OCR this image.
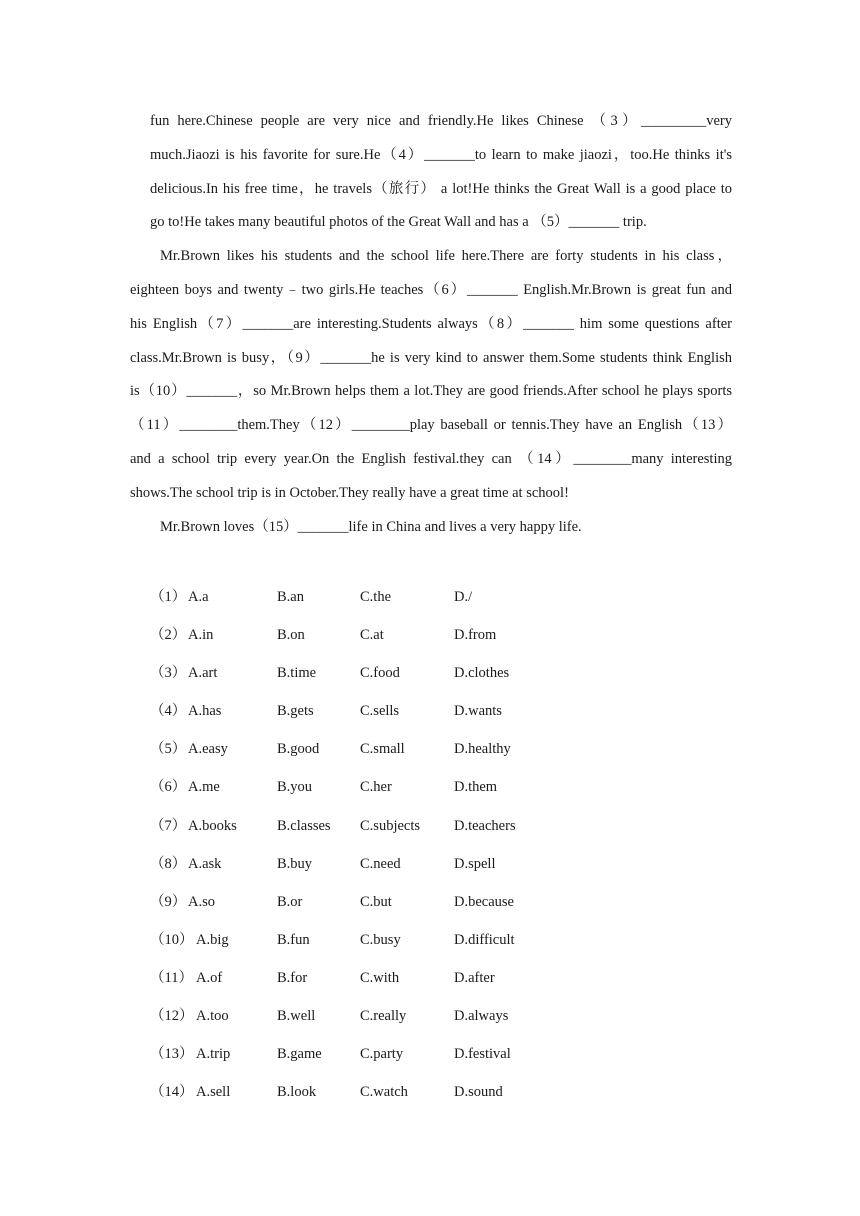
fun here.Chinese people are very nice and friendly.He likes Chinese （3）_________very
much.Jiaozi is his favorite for sure.He（4）_______to learn to make jiaozi，too.He thinks it's
delicious.In his free time，he travels（旅行） a lot!He thinks the Great Wall is a good place to
go to!He takes many beautiful photos of the Great Wall and has a （5）_______ trip.
Mr.Brown likes his students and the school life here.There are forty students in his class，
eighteen boys and twenty﹣two girls.He teaches（6）_______ English.Mr.Brown is great fun and
his English（7）_______are interesting.Students always（8）_______ him some questions after
class.Mr.Brown is busy，（9）_______he is very kind to answer them.Some students think English
is（10）_______，so Mr.Brown helps them a lot.They are good friends.After school he plays sports
（11）________them.They（12）________play baseball or tennis.They have an English（13）
and a school trip every year.On the English festival.they can （14）________many interesting
shows.The school trip is in October.They really have a great time at school!
Mr.Brown loves（15）_______life in China and lives a very happy life.
（1） A.a	B.an	C.the	D./
（2） A.in	B.on	C.at	D.from
（3） A.art	B.time	C.food	D.clothes
（4） A.has	B.gets	C.sells	D.wants
（5） A.easy	B.good	C.small	D.healthy
（6） A.me	B.you	C.her	D.them
（7） A.books	B.classes C.subjects D.teachers
（8） A.ask	B.buy	C.need	D.spell
（9） A.so	B.or	C.but	D.because
（10） A.big	B.fun	C.busy	D.difficult
（11） A.of	B.for	C.with	D.after
（12） A.too	B.well	C.really	D.always
（13） A.trip	B.game	C.party	D.festival
（14） A.sell	B.look	C.watch	D.sound
